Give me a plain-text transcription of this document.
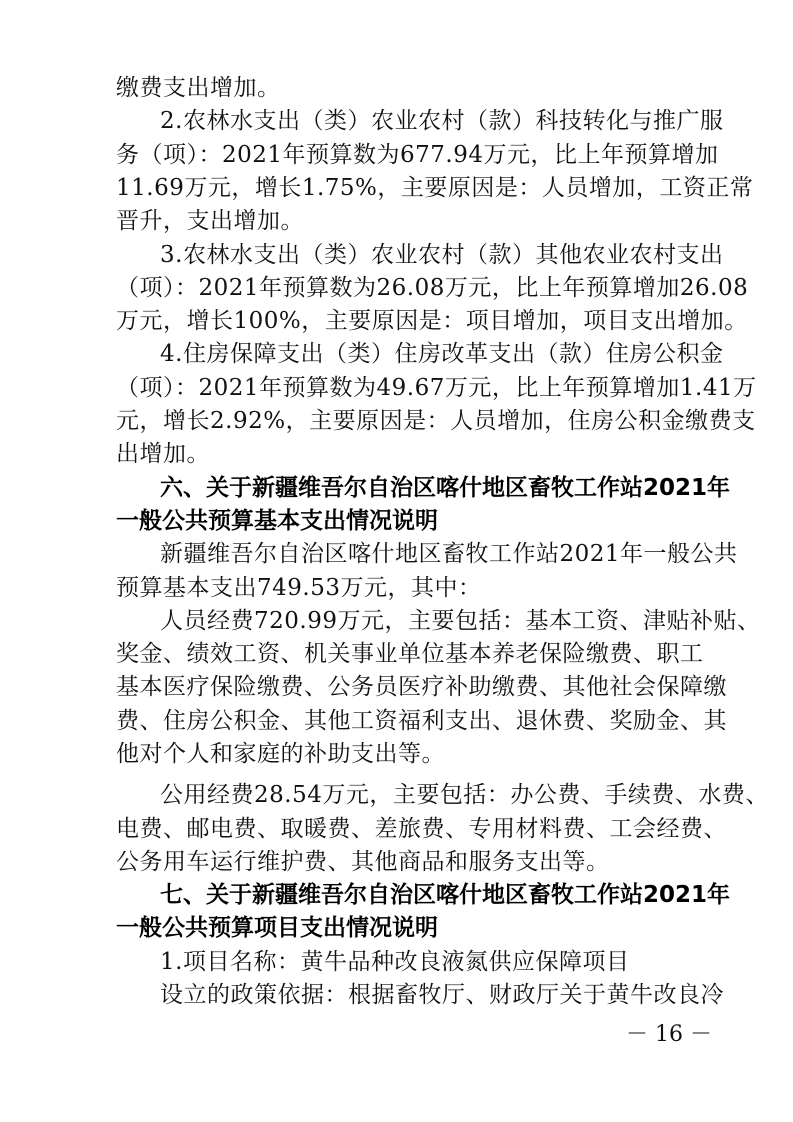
缴费支出增加。
2.农林水支出（类）农业农村（款）科技转化与推广服
务（项）：2021年预算数为677.94万元，比上年预算增加
11.69万元，增长1.75%，主要原因是：人员增加，工资正常
晋升，支出增加。
3.农林水支出（类）农业农村（款）其他农业农村支出
（项）：2021年预算数为26.08万元，比上年预算增加26.08
万元，增长100%，主要原因是：项目增加，项目支出增加。
4.住房保障支出（类）住房改革支出（款）住房公积金
（项）：2021年预算数为49.67万元，比上年预算增加1.41万
元，增长2.92%，主要原因是：人员增加，住房公积金缴费支
出增加。
六、关于新疆维吾尔自治区喀什地区畜牧工作站2021年
一般公共预算基本支出情况说明
新疆维吾尔自治区喀什地区畜牧工作站2021年一般公共
预算基本支出749.53万元，其中：
人员经费720.99万元，主要包括：基本工资、津贴补贴、
奖金、绩效工资、机关事业单位基本养老保险缴费、职工
基本医疗保险缴费、公务员医疗补助缴费、其他社会保障缴
费、住房公积金、其他工资福利支出、退休费、奖励金、其
他对个人和家庭的补助支出等。
公用经费28.54万元，主要包括：办公费、手续费、水费、
电费、邮电费、取暖费、差旅费、专用材料费、工会经费、
公务用车运行维护费、其他商品和服务支出等。
七、关于新疆维吾尔自治区喀什地区畜牧工作站2021年
一般公共预算项目支出情况说明
1.项目名称：黄牛品种改良液氮供应保障项目
设立的政策依据：根据畜牧厅、财政厅关于黄牛改良冷
－ 16 －
